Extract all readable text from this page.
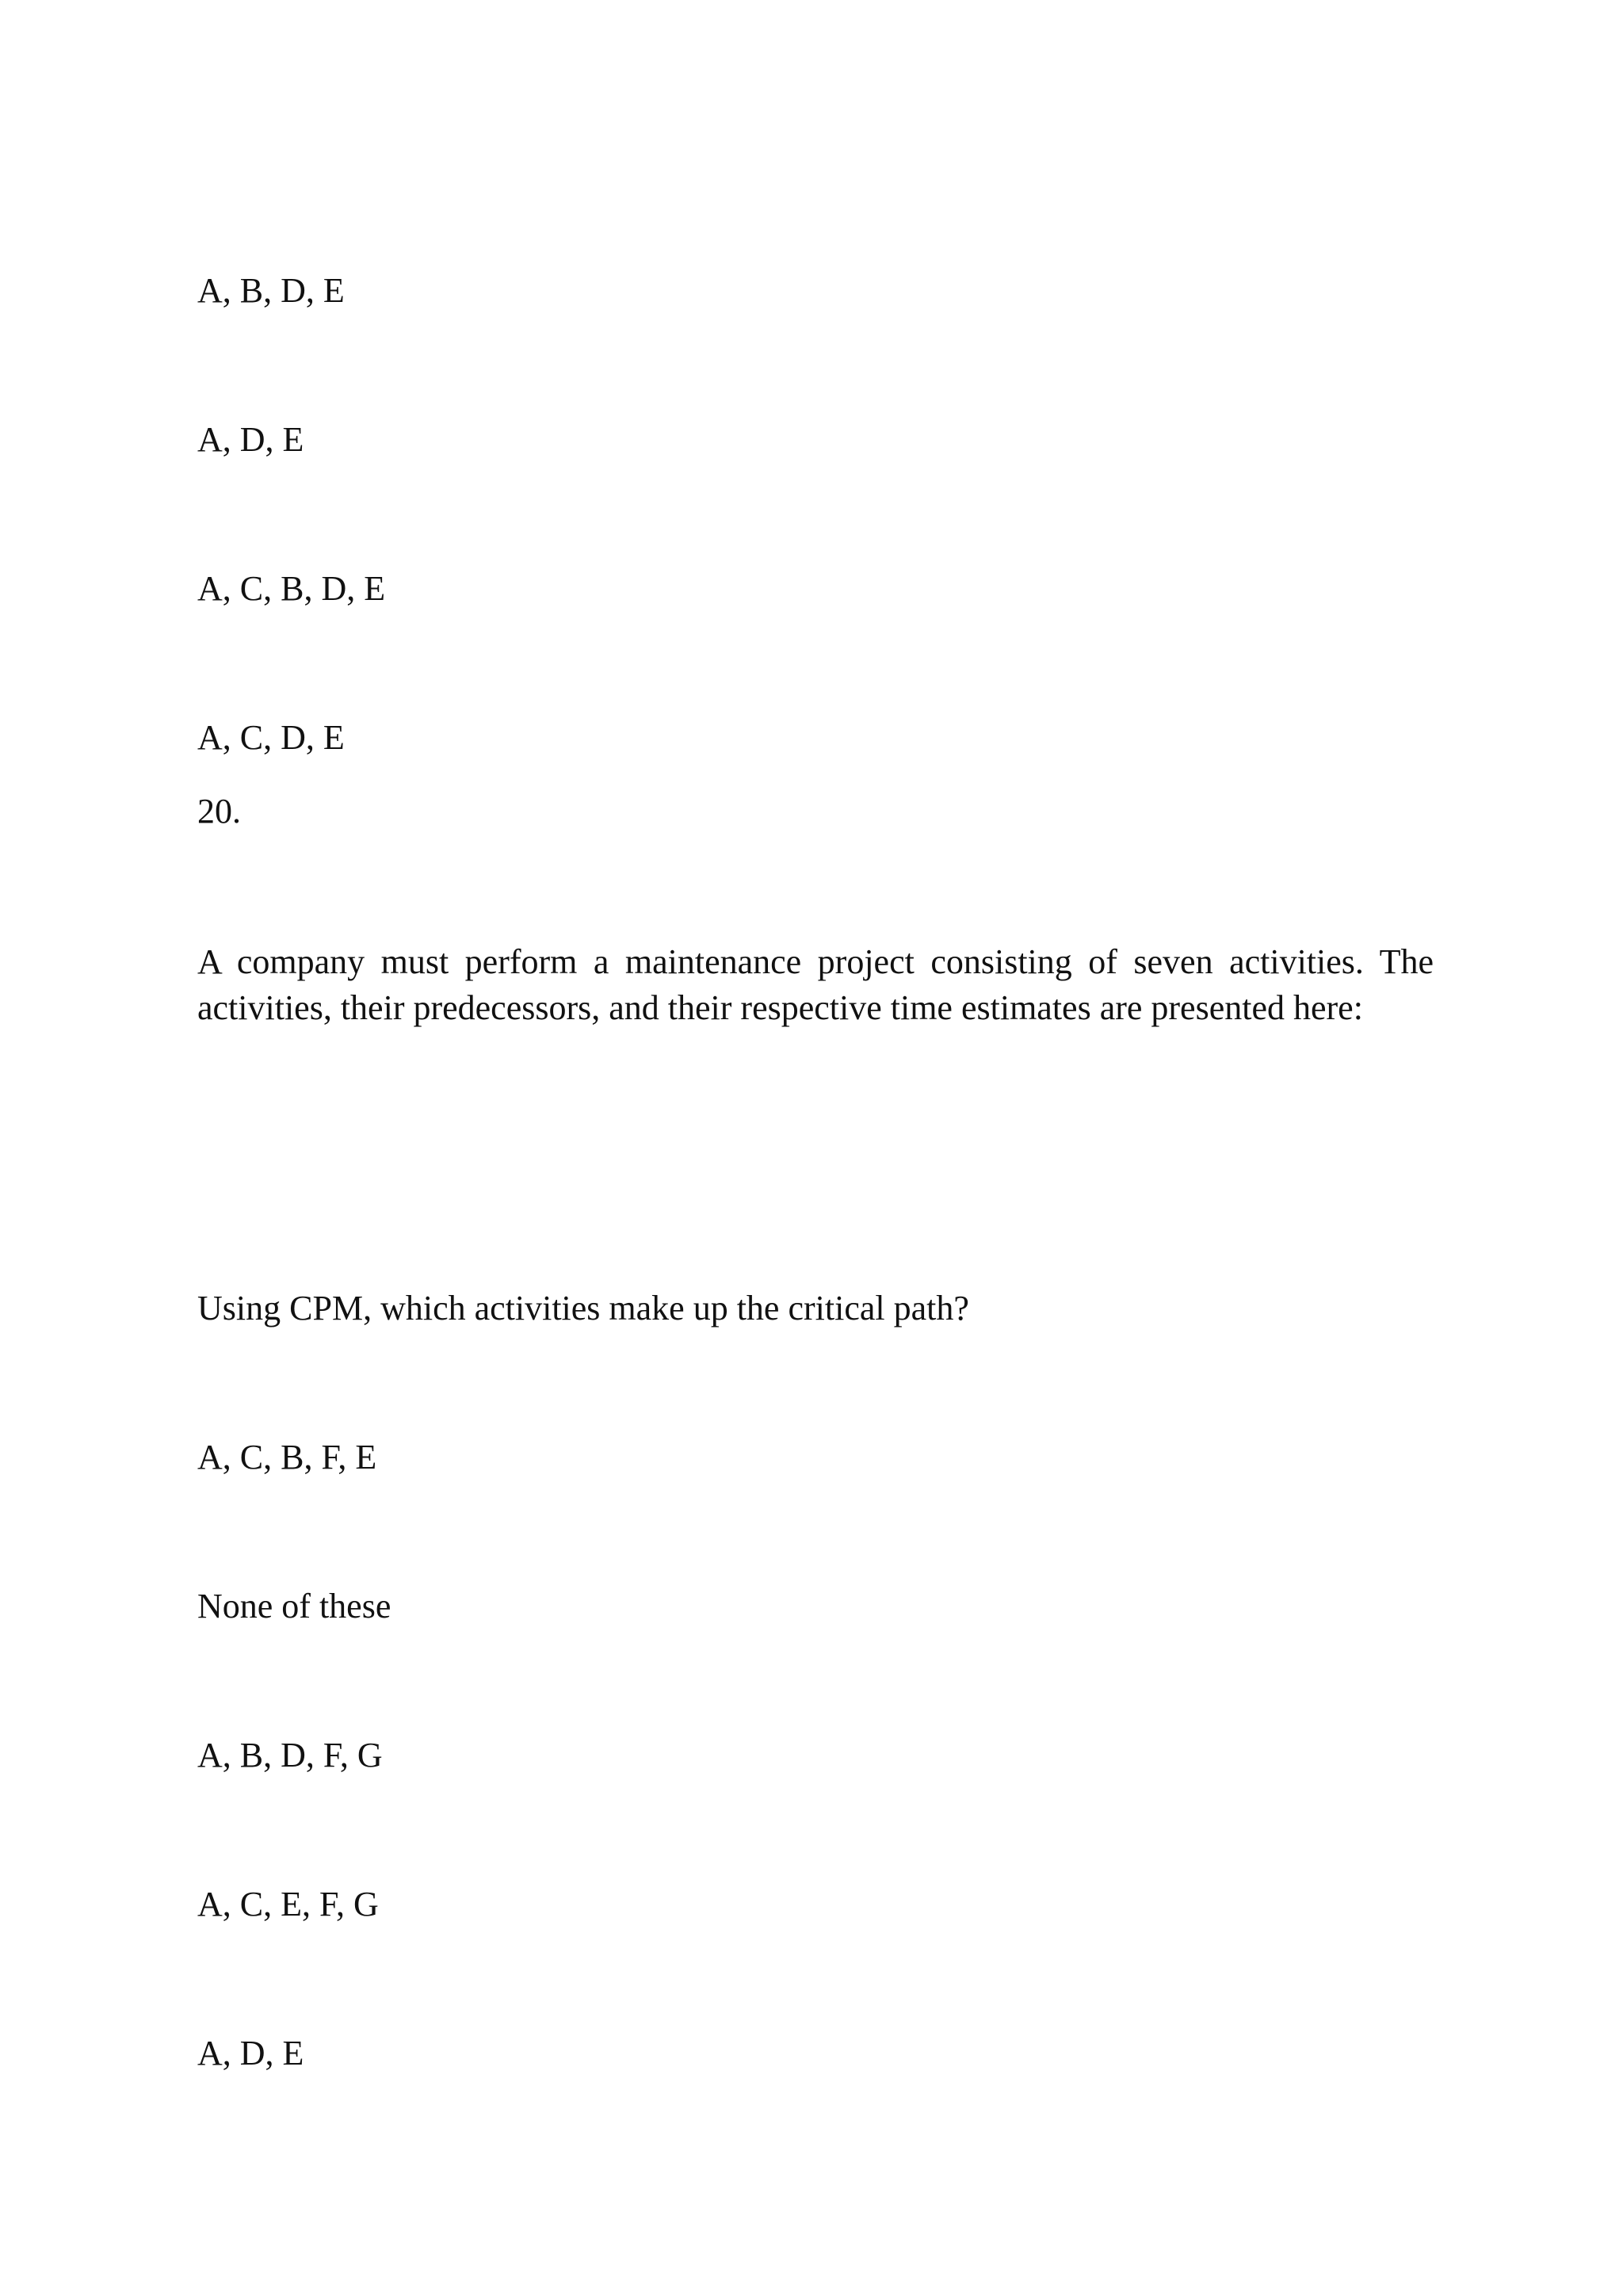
A, B, D, E

A, D, E

A, C, B, D, E

A, C, D, E

20.

A company must perform a maintenance project consisting of seven activities. The activities, their predecessors, and their respective time estimates are presented here:

Using CPM, which activities make up the critical path?

A, C, B, F, E

None of these

A, B, D, F, G

A, C, E, F, G

A, D, E
